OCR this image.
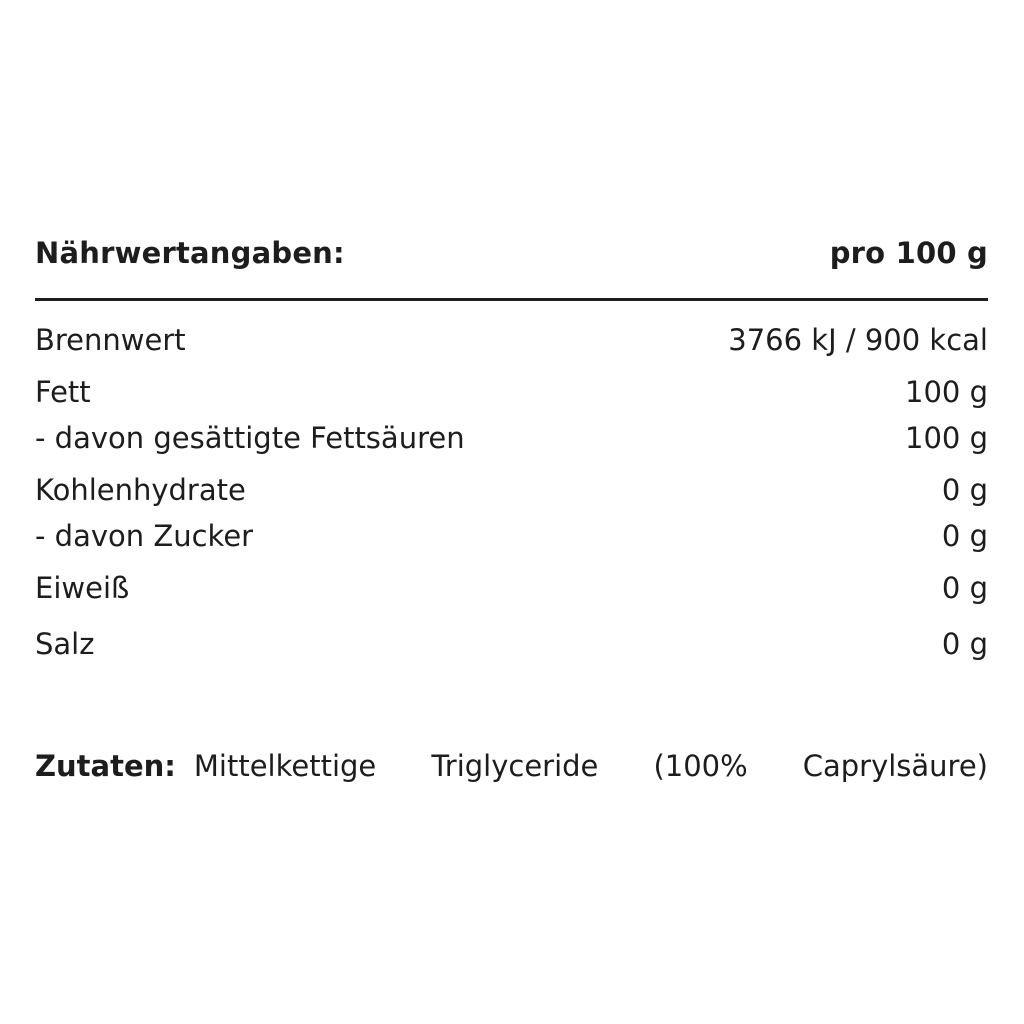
Nährwertangaben:	pro 100 g
Brennwert	3766 kJ / 900 kcal
Fett	100 g
- davon gesättigte Fettsäuren	100 g
Kohlenhydrate	0 g
- davon Zucker	0 g
Eiweiß	0 g
Salz	0 g
Zutaten: Mittelkettige Triglyceride (100% Caprylsäure)
